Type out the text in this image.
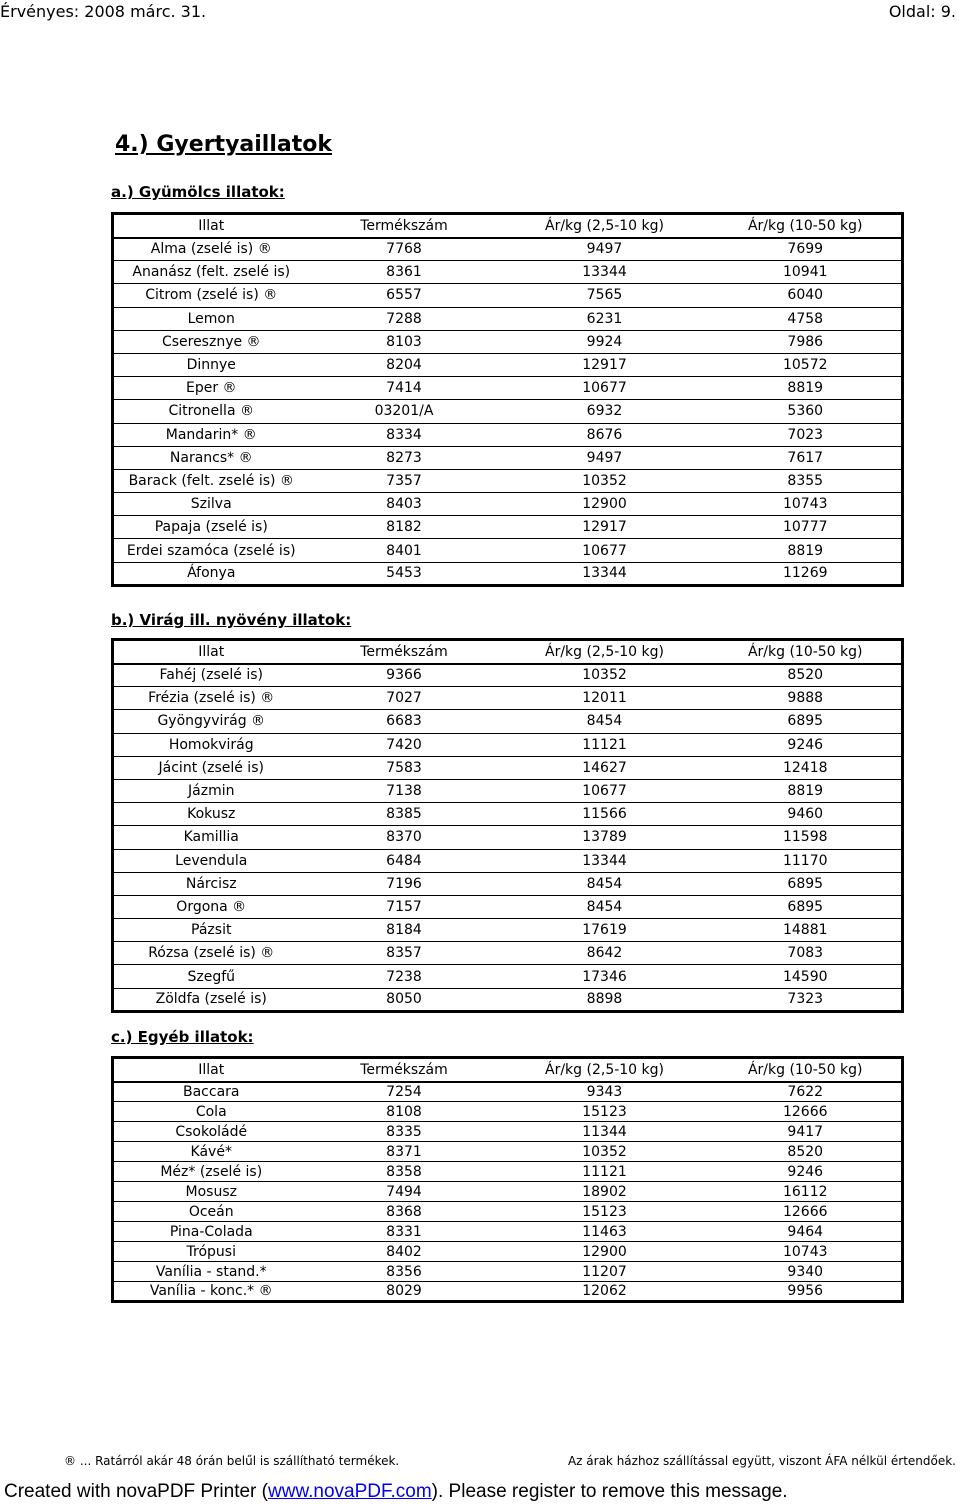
Érvényes: 2008 márc. 31.	Oldal: 9.
4.) Gyertyaillatok
a.) Gyümölcs illatok:
Illat	Termékszám	Ár/kg (2,5-10 kg)	Ár/kg (10-50 kg)
Alma (zselé is) ®	7768	9497	7699
Ananász (felt. zselé is)	8361	13344	10941
Citrom (zselé is) ®	6557	7565	6040
Lemon	7288	6231	4758
Cseresznye ®	8103	9924	7986
Dinnye	8204	12917	10572
Eper ®	7414	10677	8819
Citronella ®	03201/A	6932	5360
Mandarin* ®	8334	8676	7023
Narancs* ®	8273	9497	7617
Barack (felt. zselé is) ®	7357	10352	8355
Szilva	8403	12900	10743
Papaja (zselé is)	8182	12917	10777
Erdei szamóca (zselé is)	8401	10677	8819
Áfonya	5453	13344	11269
b.) Virág ill. nyövény illatok:
Illat	Termékszám	Ár/kg (2,5-10 kg)	Ár/kg (10-50 kg)
Fahéj (zselé is)	9366	10352	8520
Frézia (zselé is) ®	7027	12011	9888
Gyöngyvirág ®	6683	8454	6895
Homokvirág	7420	11121	9246
Jácint (zselé is)	7583	14627	12418
Jázmin	7138	10677	8819
Kokusz	8385	11566	9460
Kamillia	8370	13789	11598
Levendula	6484	13344	11170
Nárcisz	7196	8454	6895
Orgona ®	7157	8454	6895
Pázsit	8184	17619	14881
Rózsa (zselé is) ®	8357	8642	7083
Szegfű	7238	17346	14590
Zöldfa (zselé is)	8050	8898	7323
c.) Egyéb illatok:
Illat	Termékszám	Ár/kg (2,5-10 kg)	Ár/kg (10-50 kg)
Baccara	7254	9343	7622
Cola	8108	15123	12666
Csokoládé	8335	11344	9417
Kávé*	8371	10352	8520
Méz* (zselé is)	8358	11121	9246
Mosusz	7494	18902	16112
Oceán	8368	15123	12666
Pina-Colada	8331	11463	9464
Trópusi	8402	12900	10743
Vanília - stand.*	8356	11207	9340
Vanília - konc.* ®	8029	12062	9956
® ... Ratárról akár 48 órán belűl is szállítható termékek.	Az árak házhoz szállítással együtt, viszont ÁFA nélkül értendőek.
Created with novaPDF Printer (www.novaPDF.com). Please register to remove this message.
